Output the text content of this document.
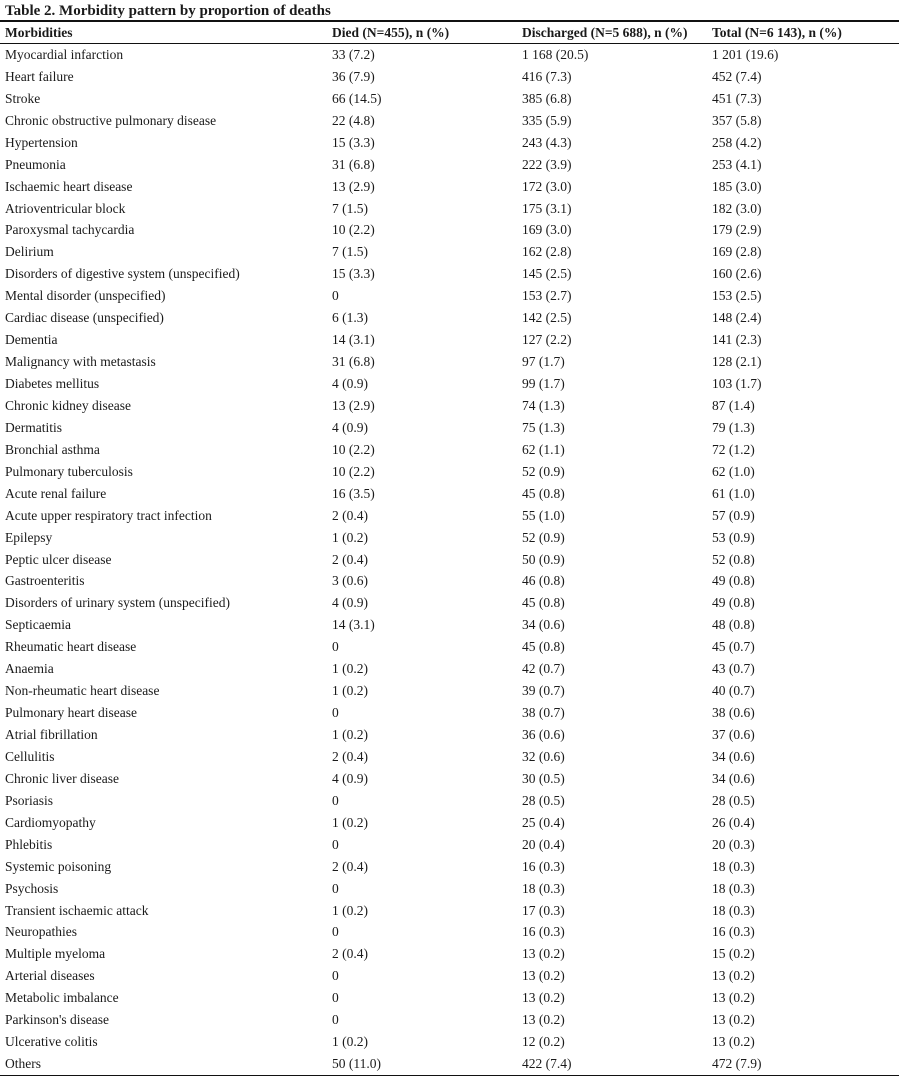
Table 2. Morbidity pattern by proportion of deaths
Morbidities	Died (N=455), n (%)	Discharged (N=5 688), n (%)	Total (N=6 143), n (%)
Myocardial infarction	33 (7.2)	1 168 (20.5)	1 201 (19.6)
Heart failure	36 (7.9)	416 (7.3)	452 (7.4)
Stroke	66 (14.5)	385 (6.8)	451 (7.3)
Chronic obstructive pulmonary disease	22 (4.8)	335 (5.9)	357 (5.8)
Hypertension	15 (3.3)	243 (4.3)	258 (4.2)
Pneumonia	31 (6.8)	222 (3.9)	253 (4.1)
Ischaemic heart disease	13 (2.9)	172 (3.0)	185 (3.0)
Atrioventricular block	7 (1.5)	175 (3.1)	182 (3.0)
Paroxysmal tachycardia	10 (2.2)	169 (3.0)	179 (2.9)
Delirium	7 (1.5)	162 (2.8)	169 (2.8)
Disorders of digestive system (unspecified)	15 (3.3)	145 (2.5)	160 (2.6)
Mental disorder (unspecified)	0	153 (2.7)	153 (2.5)
Cardiac disease (unspecified)	6 (1.3)	142 (2.5)	148 (2.4)
Dementia	14 (3.1)	127 (2.2)	141 (2.3)
Malignancy with metastasis	31 (6.8)	97 (1.7)	128 (2.1)
Diabetes mellitus	4 (0.9)	99 (1.7)	103 (1.7)
Chronic kidney disease	13 (2.9)	74 (1.3)	87 (1.4)
Dermatitis	4 (0.9)	75 (1.3)	79 (1.3)
Bronchial asthma	10 (2.2)	62 (1.1)	72 (1.2)
Pulmonary tuberculosis	10 (2.2)	52 (0.9)	62 (1.0)
Acute renal failure	16 (3.5)	45 (0.8)	61 (1.0)
Acute upper respiratory tract infection	2 (0.4)	55 (1.0)	57 (0.9)
Epilepsy	1 (0.2)	52 (0.9)	53 (0.9)
Peptic ulcer disease	2 (0.4)	50 (0.9)	52 (0.8)
Gastroenteritis	3 (0.6)	46 (0.8)	49 (0.8)
Disorders of urinary system (unspecified)	4 (0.9)	45 (0.8)	49 (0.8)
Septicaemia	14 (3.1)	34 (0.6)	48 (0.8)
Rheumatic heart disease	0	45 (0.8)	45 (0.7)
Anaemia	1 (0.2)	42 (0.7)	43 (0.7)
Non-rheumatic heart disease	1 (0.2)	39 (0.7)	40 (0.7)
Pulmonary heart disease	0	38 (0.7)	38 (0.6)
Atrial fibrillation	1 (0.2)	36 (0.6)	37 (0.6)
Cellulitis	2 (0.4)	32 (0.6)	34 (0.6)
Chronic liver disease	4 (0.9)	30 (0.5)	34 (0.6)
Psoriasis	0	28 (0.5)	28 (0.5)
Cardiomyopathy	1 (0.2)	25 (0.4)	26 (0.4)
Phlebitis	0	20 (0.4)	20 (0.3)
Systemic poisoning	2 (0.4)	16 (0.3)	18 (0.3)
Psychosis	0	18 (0.3)	18 (0.3)
Transient ischaemic attack	1 (0.2)	17 (0.3)	18 (0.3)
Neuropathies	0	16 (0.3)	16 (0.3)
Multiple myeloma	2 (0.4)	13 (0.2)	15 (0.2)
Arterial diseases	0	13 (0.2)	13 (0.2)
Metabolic imbalance	0	13 (0.2)	13 (0.2)
Parkinson's disease	0	13 (0.2)	13 (0.2)
Ulcerative colitis	1 (0.2)	12 (0.2)	13 (0.2)
Others	50 (11.0)	422 (7.4)	472 (7.9)
